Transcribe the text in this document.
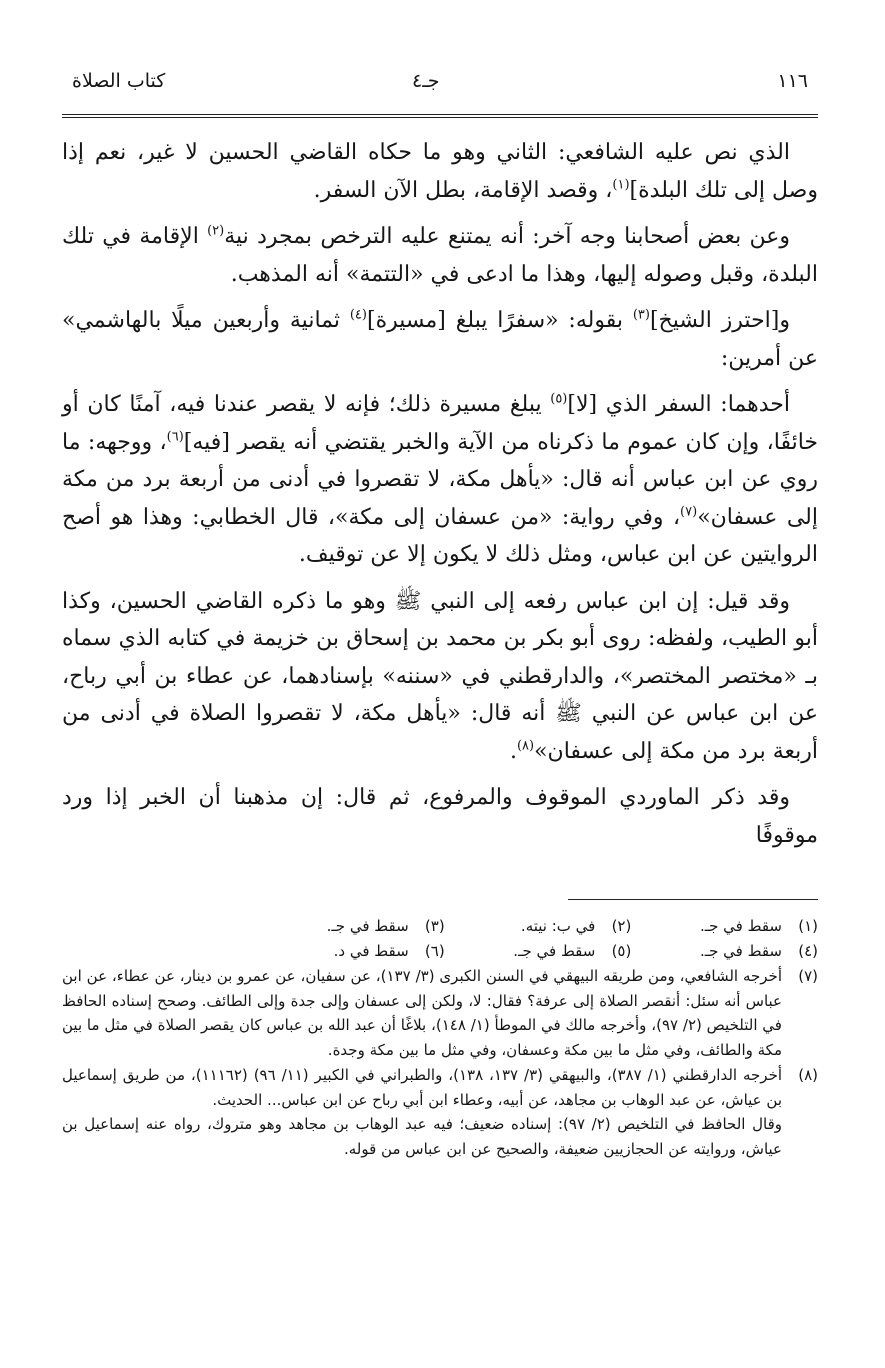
١١٦
جـ٤
كتاب الصلاة

الذي نص عليه الشافعي: الثاني وهو ما حكاه القاضي الحسين لا غير، نعم إذا وصل إلى تلك البلدة]$^{(١)}$، وقصد الإقامة، بطل الآن السفر.

وعن بعض أصحابنا وجه آخر: أنه يمتنع عليه الترخص بمجرد نية$^{(٢)}$ الإقامة في تلك البلدة، وقبل وصوله إليها، وهذا ما ادعى في «التتمة» أنه المذهب.

و[احترز الشيخ]$^{(٣)}$ بقوله: «سفرًا يبلغ [مسيرة]$^{(٤)}$ ثمانية وأربعين ميلًا بالهاشمي» عن أمرين:

أحدهما: السفر الذي [لا]$^{(٥)}$ يبلغ مسيرة ذلك؛ فإنه لا يقصر عندنا فيه، آمنًا كان أو خائفًا، وإن كان عموم ما ذكرناه من الآية والخبر يقتضي أنه يقصر [فيه]$^{(٦)}$، ووجهه: ما روي عن ابن عباس أنه قال: «يأهل مكة، لا تقصروا في أدنى من أربعة برد من مكة إلى عسفان»$^{(٧)}$، وفي رواية: «من عسفان إلى مكة»، قال الخطابي: وهذا هو أصح الروايتين عن ابن عباس، ومثل ذلك لا يكون إلا عن توقيف.

وقد قيل: إن ابن عباس رفعه إلى النبي ﷺ وهو ما ذكره القاضي الحسين، وكذا أبو الطيب، ولفظه: روى أبو بكر بن محمد بن إسحاق بن خزيمة في كتابه الذي سماه بـ «مختصر المختصر»، والدارقطني في «سننه» بإسنادهما، عن عطاء بن أبي رباح، عن ابن عباس عن النبي ﷺ أنه قال: «يأهل مكة، لا تقصروا الصلاة في أدنى من أربعة برد من مكة إلى عسفان»$^{(٨)}$.

وقد ذكر الماوردي الموقوف والمرفوع، ثم قال: إن مذهبنا أن الخبر إذا ورد موقوفًا

(١)سقط في جـ.
(٢)في ب: نيته.
(٣)سقط في جـ.
(٤)سقط في جـ.
(٥)سقط في جـ.
(٦)سقط في د.
(٧)
أخرجه الشافعي، ومن طريقه البيهقي في السنن الكبرى (٣/ ١٣٧)، عن سفيان، عن عمرو بن دينار، عن عطاء، عن ابن عباس أنه سئل: أنقصر الصلاة إلى عرفة؟ فقال: لا، ولكن إلى عسفان وإلى جدة وإلى الطائف. وصحح إسناده الحافظ في التلخيص (٢/ ٩٧)، وأخرجه مالك في الموطأ (١/ ١٤٨)، بلاغًا أن عبد الله بن عباس كان يقصر الصلاة في مثل ما بين مكة والطائف، وفي مثل ما بين مكة وعسفان، وفي مثل ما بين مكة وجدة.
(٨)
أخرجه الدارقطني (١/ ٣٨٧)، والبيهقي (٣/ ١٣٧، ١٣٨)، والطبراني في الكبير (١١/ ٩٦) (١١١٦٢)، من طريق إسماعيل بن عياش، عن عبد الوهاب بن مجاهد، عن أبيه، وعطاء ابن أبي رباح عن ابن عباس... الحديث.
وقال الحافظ في التلخيص (٢/ ٩٧): إسناده ضعيف؛ فيه عبد الوهاب بن مجاهد وهو متروك، رواه عنه إسماعيل بن عياش، وروايته عن الحجازيين ضعيفة، والصحيح عن ابن عباس من قوله.
